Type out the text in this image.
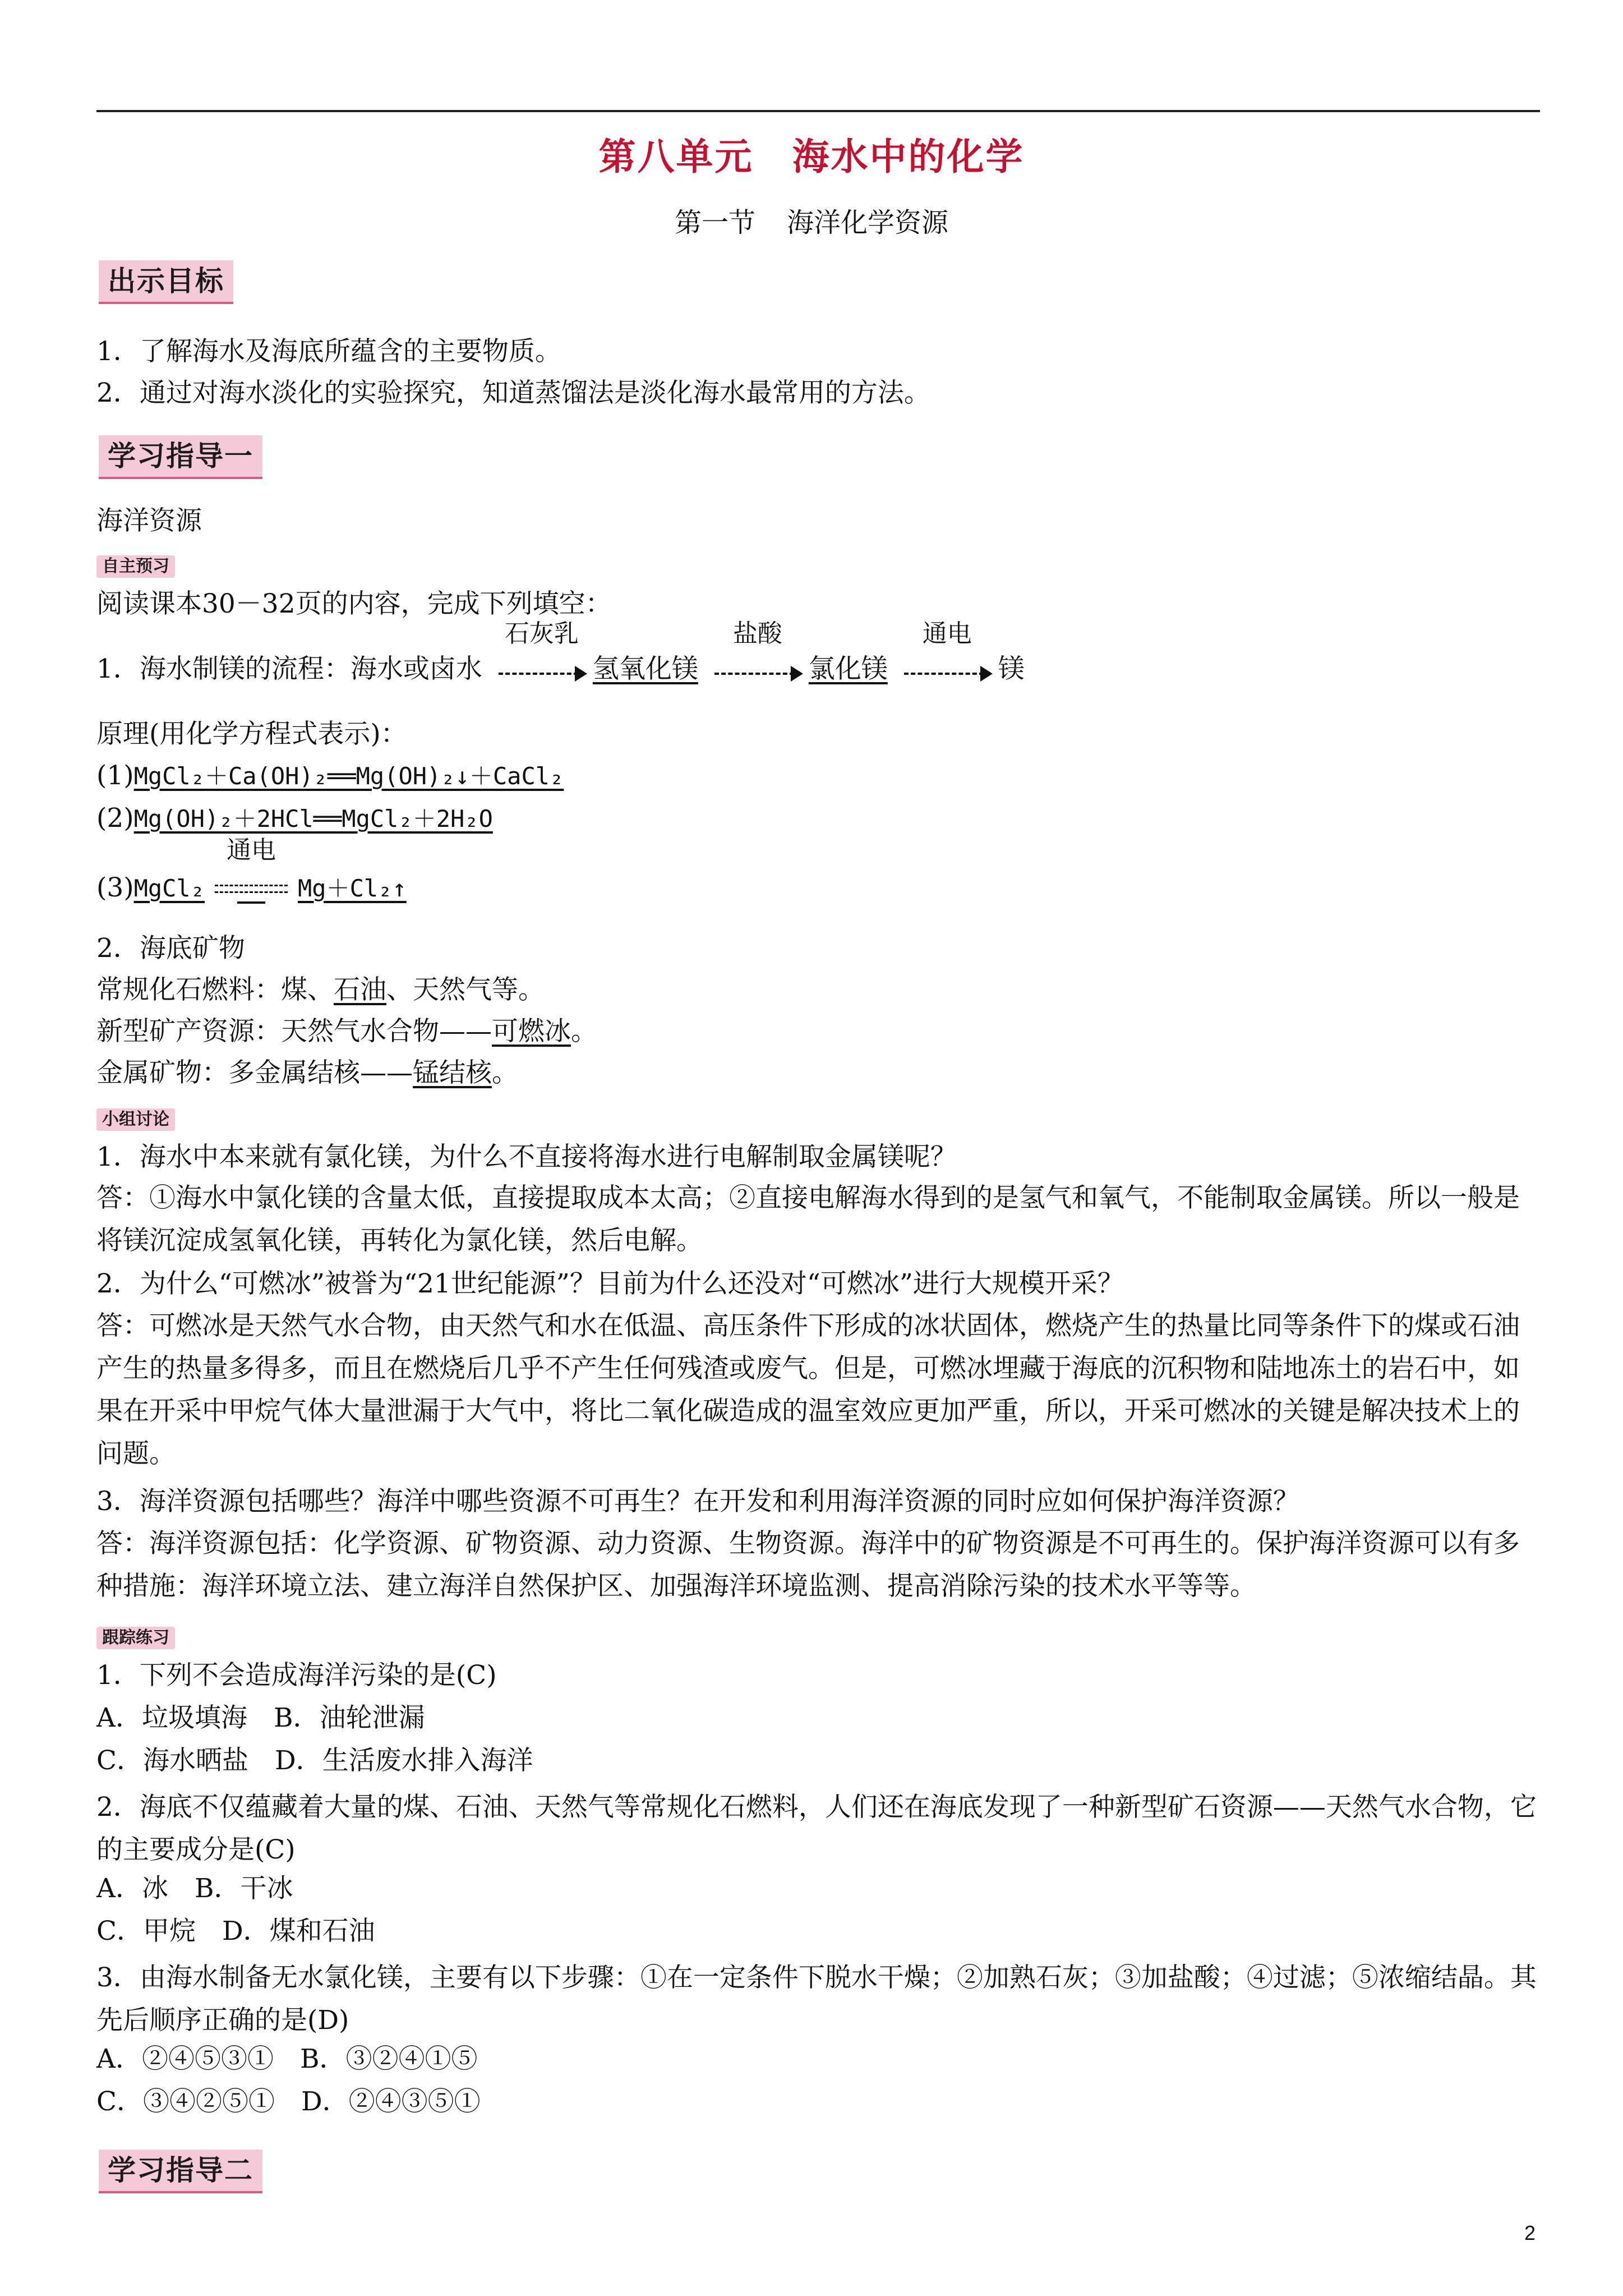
第八单元　海水中的化学
第一节 海洋化学资源
出示目标
1．了解海水及海底所蕴含的主要物质。
2．通过对海水淡化的实验探究，知道蒸馏法是淡化海水最常用的方法。
学习指导一
海洋资源
自主预习
阅读课本30－32页的内容，完成下列填空：
1．海水制镁的流程：海水或卤水
石灰乳
氢氧化镁
盐酸
氯化镁
通电
镁
原理(用化学方程式表示)：
(1)MgCl₂＋Ca(OH)₂══Mg(OH)₂↓＋CaCl₂
(2)Mg(OH)₂＋2HCl══MgCl₂＋2H₂O
(3)MgCl₂
通电
Mg＋Cl₂↑
2．海底矿物
常规化石燃料：煤、石油、天然气等。
新型矿产资源：天然气水合物——可燃冰。
金属矿物：多金属结核——锰结核。
小组讨论
1．海水中本来就有氯化镁，为什么不直接将海水进行电解制取金属镁呢？
答：①海水中氯化镁的含量太低，直接提取成本太高；②直接电解海水得到的是氢气和氧气，不能制取金属镁。所以一般是将镁沉淀成氢氧化镁，再转化为氯化镁，然后电解。
2．为什么“可燃冰”被誉为“21世纪能源”？目前为什么还没对“可燃冰”进行大规模开采？
答：可燃冰是天然气水合物，由天然气和水在低温、高压条件下形成的冰状固体，燃烧产生的热量比同等条件下的煤或石油产生的热量多得多，而且在燃烧后几乎不产生任何残渣或废气。但是，可燃冰埋藏于海底的沉积物和陆地冻土的岩石中，如果在开采中甲烷气体大量泄漏于大气中，将比二氧化碳造成的温室效应更加严重，所以，开采可燃冰的关键是解决技术上的问题。
3．海洋资源包括哪些？海洋中哪些资源不可再生？在开发和利用海洋资源的同时应如何保护海洋资源？
答：海洋资源包括：化学资源、矿物资源、动力资源、生物资源。海洋中的矿物资源是不可再生的。保护海洋资源可以有多种措施：海洋环境立法、建立海洋自然保护区、加强海洋环境监测、提高消除污染的技术水平等等。
跟踪练习
1．下列不会造成海洋污染的是(C)
A．垃圾填海　B．油轮泄漏
C．海水晒盐　D．生活废水排入海洋
2．海底不仅蕴藏着大量的煤、石油、天然气等常规化石燃料，人们还在海底发现了一种新型矿石资源——天然气水合物，它的主要成分是(C)
A．冰　B．干冰
C．甲烷　D．煤和石油
3．由海水制备无水氯化镁，主要有以下步骤：①在一定条件下脱水干燥；②加熟石灰；③加盐酸；④过滤；⑤浓缩结晶。其先后顺序正确的是(D)
A．②④⑤③①　B．③②④①⑤
C．③④②⑤①　D．②④③⑤①
学习指导二
2
